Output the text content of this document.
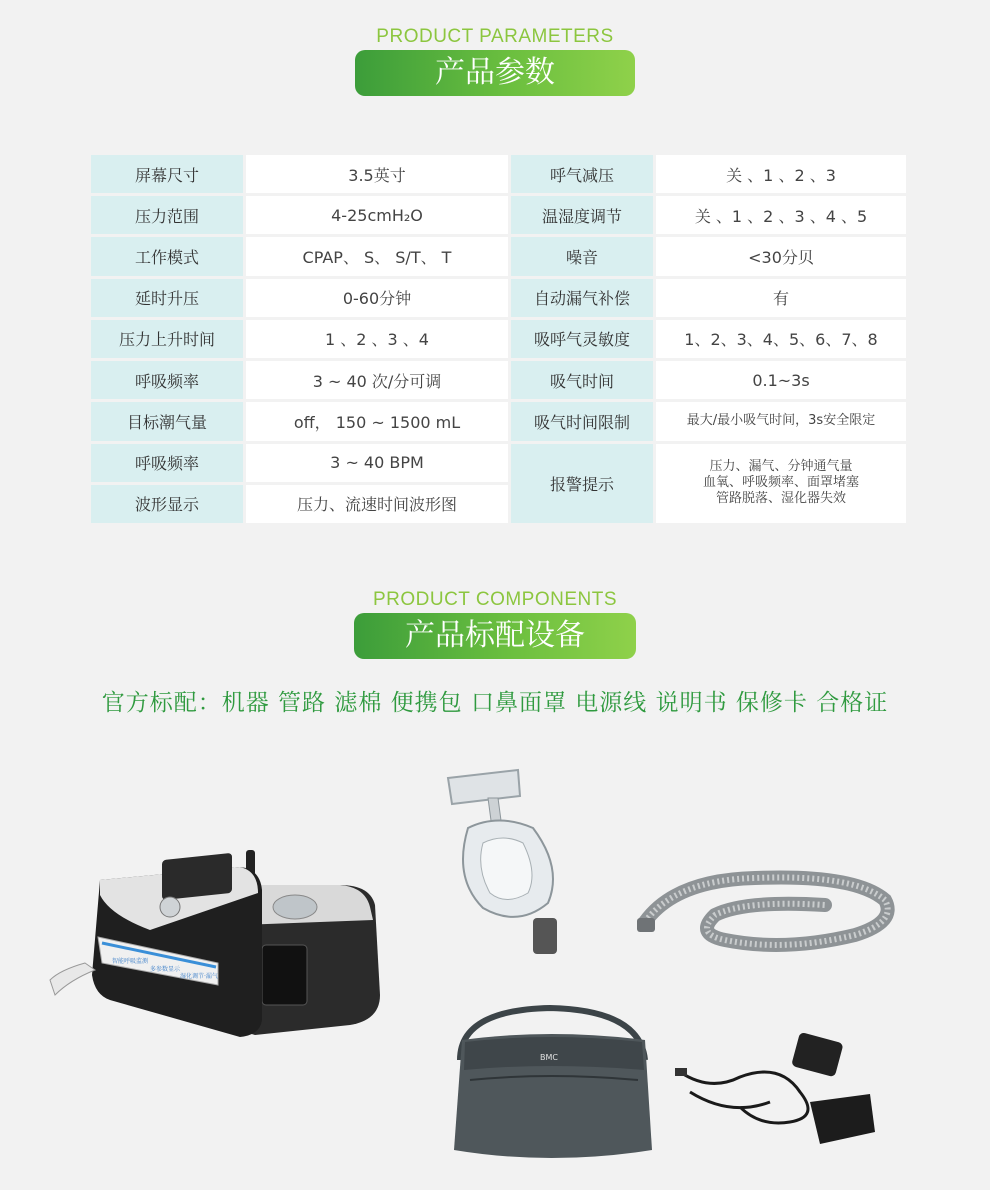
PRODUCT PARAMETERS
产品参数
屏幕尺寸	3.5英寸	呼气减压	关 、1 、2 、3
压力范围	4-25cmH₂O	温湿度调节	关 、1 、2 、3 、4 、5
工作模式	CPAP、 S、 S/T、 T	噪音	<30分贝
延时升压	0-60分钟	自动漏气补偿	有
压力上升时间	1 、2 、3 、4	吸呼气灵敏度	1、2、3、4、5、6、7、8
呼吸频率	3 ~ 40 次/分可调	吸气时间	0.1~3s
目标潮气量	off， 150 ~ 1500 mL	吸气时间限制	最大/最小吸气时间，3s安全限定
呼吸频率	3 ~ 40 BPM	报警提示	压力、漏气、分钟通气量
血氧、呼吸频率、面罩堵塞
管路脱落、湿化器失效

波形显示	压力、流速时间波形图		
PRODUCT COMPONENTS
产品标配设备
官方标配：机器 管路 滤棉 便携包 口鼻面罩 电源线 说明书 保修卡 合格证
智能呼吸监测
多参数显示
湿化调节·漏气
BMC
